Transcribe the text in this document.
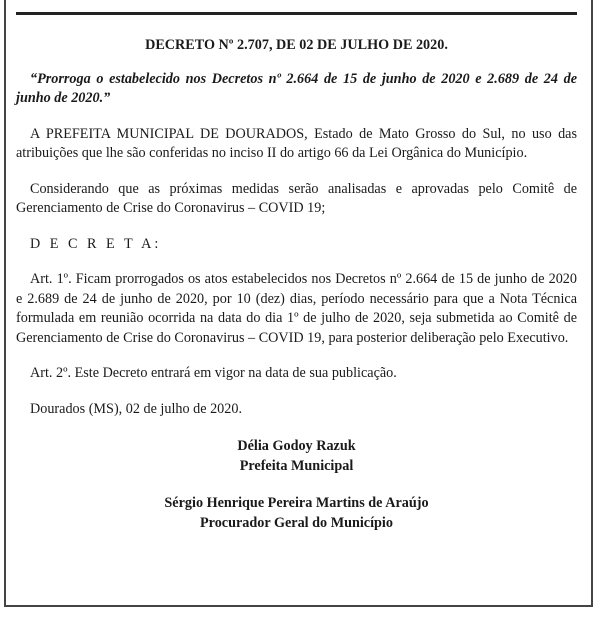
DECRETO Nº 2.707, DE 02 DE JULHO DE 2020.
“Prorroga o estabelecido nos Decretos nº 2.664 de 15 de junho de 2020 e 2.689 de 24 de junho de 2020.”

A PREFEITA MUNICIPAL DE DOURADOS, Estado de Mato Grosso do Sul, no uso das atribuições que lhe são conferidas no inciso II do artigo 66 da Lei Orgânica do Município.

Considerando que as próximas medidas serão analisadas e aprovadas pelo Comitê de Gerenciamento de Crise do Coronavirus – COVID 19;

D E C R E T A:

Art. 1º. Ficam prorrogados os atos estabelecidos nos Decretos nº 2.664 de 15 de junho de 2020 e 2.689 de 24 de junho de 2020, por 10 (dez) dias, período necessário para que a Nota Técnica formulada em reunião ocorrida na data do dia 1º de julho de 2020, seja submetida ao Comitê de Gerenciamento de Crise do Coronavirus – COVID 19, para posterior deliberação pelo Executivo.

Art. 2º. Este Decreto entrará em vigor na data de sua publicação.

Dourados (MS), 02 de julho de 2020.

Délia Godoy Razuk

Prefeita Municipal

Sérgio Henrique Pereira Martins de Araújo

Procurador Geral do Município
